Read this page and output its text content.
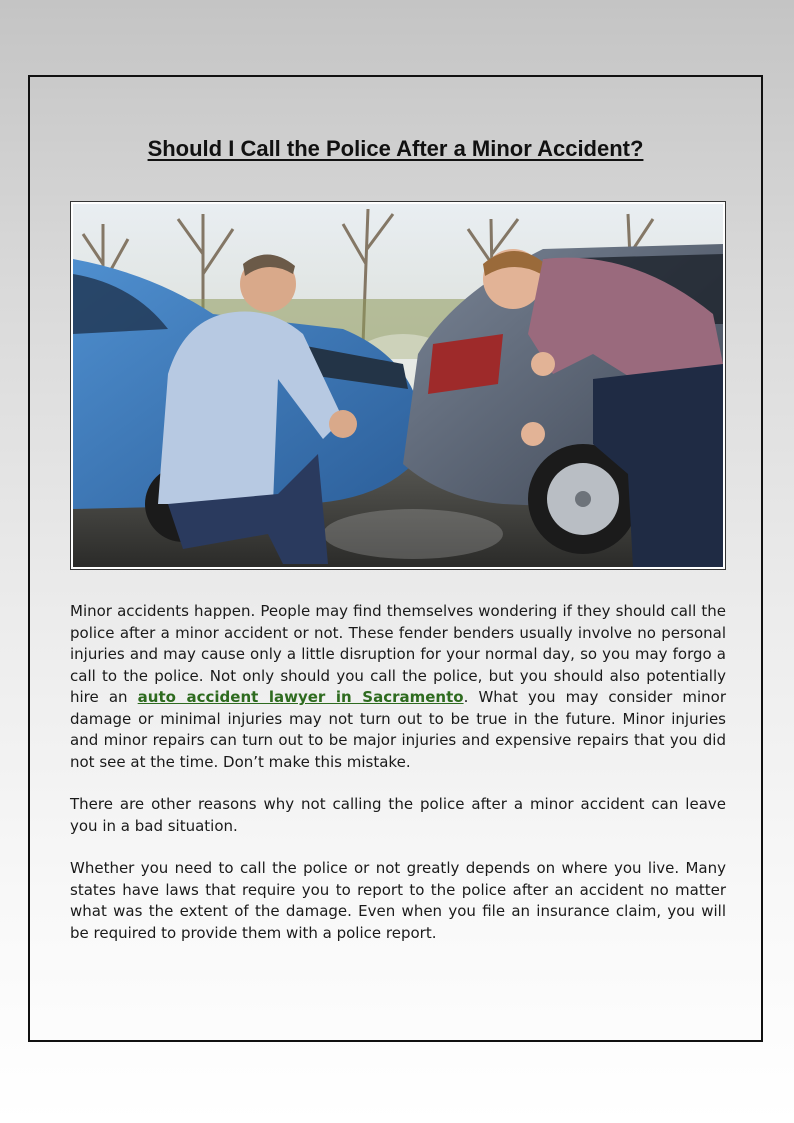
Should I Call the Police After a Minor Accident?

Minor accidents happen. People may find themselves wondering if they should call the police after a minor accident or not. These fender benders usually involve no personal injuries and may cause only a little disruption for your normal day, so you may forgo a call to the police. Not only should you call the police, but you should also potentially hire an auto accident lawyer in Sacramento. What you may consider minor damage or minimal injuries may not turn out to be true in the future. Minor injuries and minor repairs can turn out to be major injuries and expensive repairs that you did not see at the time. Don’t make this mistake.

There are other reasons why not calling the police after a minor accident can leave you in a bad situation.

Whether you need to call the police or not greatly depends on where you live. Many states have laws that require you to report to the police after an accident no matter what was the extent of the damage. Even when you file an insurance claim, you will be required to provide them with a police report.
